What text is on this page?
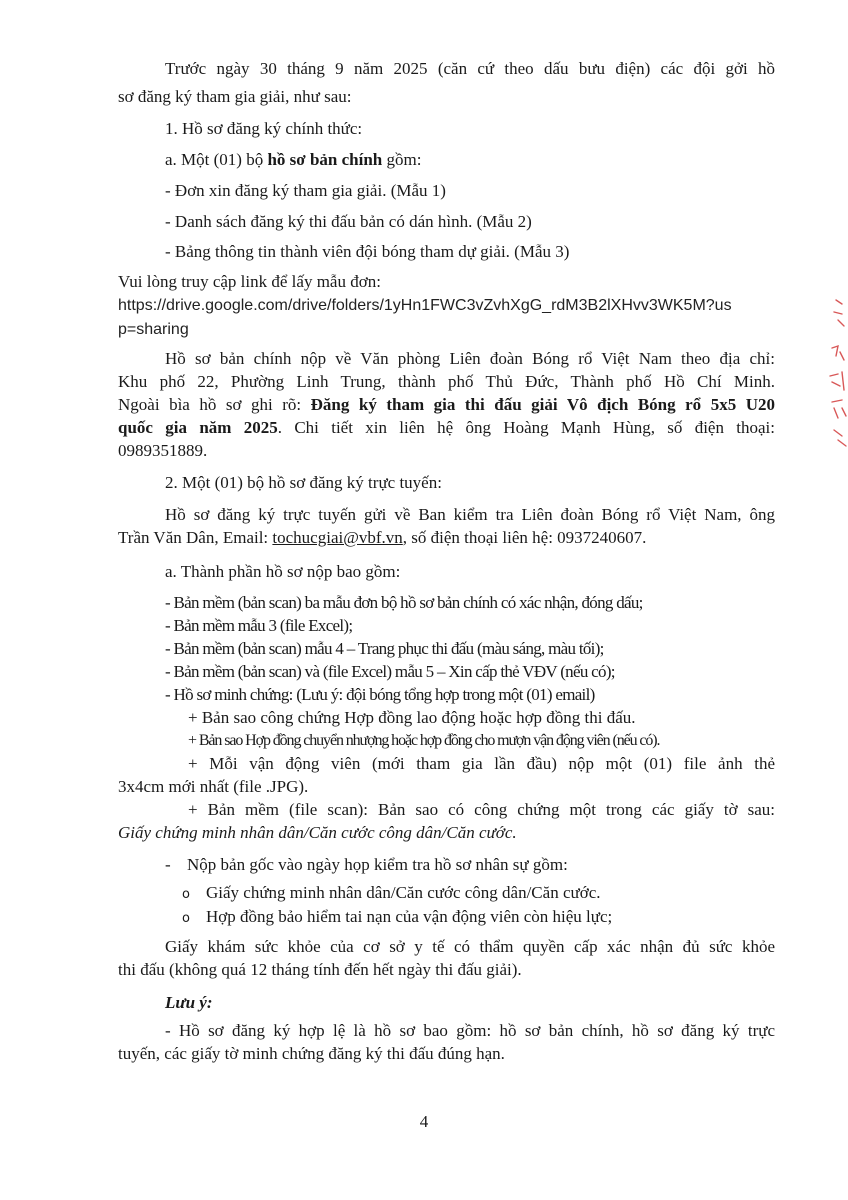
Trước ngày 30 tháng 9 năm 2025 (căn cứ theo dấu bưu điện) các đội gởi hồ
sơ đăng ký tham gia giải, như sau:
1. Hồ sơ đăng ký chính thức:
a. Một (01) bộ hồ sơ bản chính gồm:
- Đơn xin đăng ký tham gia giải. (Mẫu 1)
- Danh sách đăng ký thi đấu bản có dán hình. (Mẫu 2)
- Bảng thông tin thành viên đội bóng tham dự giải. (Mẫu 3)
Vui lòng truy cập link để lấy mẫu đơn:
https://drive.google.com/drive/folders/1yHn1FWC3vZvhXgG_rdM3B2lXHvv3WK5M?us
p=sharing
Hồ sơ bản chính nộp về Văn phòng Liên đoàn Bóng rổ Việt Nam theo địa chỉ:
Khu phố 22, Phường Linh Trung, thành phố Thủ Đức, Thành phố Hồ Chí Minh.
Ngoài bìa hồ sơ ghi rõ: Đăng ký tham gia thi đấu giải Vô địch Bóng rổ 5x5 U20
quốc gia năm 2025. Chi tiết xin liên hệ ông Hoàng Mạnh Hùng, số điện thoại:
0989351889.
2. Một (01) bộ hồ sơ đăng ký trực tuyến:
Hồ sơ đăng ký trực tuyến gửi về Ban kiểm tra Liên đoàn Bóng rổ Việt Nam, ông
Trần Văn Dân, Email: tochucgiai@vbf.vn, số điện thoại liên hệ: 0937240607.
a. Thành phần hồ sơ nộp bao gồm:
- Bản mềm (bản scan) ba mẫu đơn bộ hồ sơ bản chính có xác nhận, đóng dấu;
- Bản mềm mẫu 3 (file Excel);
- Bản mềm (bản scan) mẫu 4 – Trang phục thi đấu (màu sáng, màu tối);
- Bản mềm (bản scan) và (file Excel) mẫu 5 – Xin cấp thẻ VĐV (nếu có);
- Hồ sơ minh chứng: (Lưu ý: đội bóng tổng hợp trong một (01) email)
+ Bản sao công chứng Hợp đồng lao động hoặc hợp đồng thi đấu.
+ Bản sao Hợp đồng chuyển nhượng hoặc hợp đồng cho mượn vận động viên (nếu có).
+ Mỗi vận động viên (mới tham gia lần đầu) nộp một (01) file ảnh thẻ
3x4cm mới nhất (file .JPG).
+ Bản mềm (file scan): Bản sao có công chứng một trong các giấy tờ sau:
Giấy chứng minh nhân dân/Căn cước công dân/Căn cước.
- Nộp bản gốc vào ngày họp kiểm tra hồ sơ nhân sự gồm:
o Giấy chứng minh nhân dân/Căn cước công dân/Căn cước.
o Hợp đồng bảo hiểm tai nạn của vận động viên còn hiệu lực;
Giấy khám sức khỏe của cơ sở y tế có thẩm quyền cấp xác nhận đủ sức khỏe
thi đấu (không quá 12 tháng tính đến hết ngày thi đấu giải).
Lưu ý:
- Hồ sơ đăng ký hợp lệ là hồ sơ bao gồm: hồ sơ bản chính, hồ sơ đăng ký trực
tuyến, các giấy tờ minh chứng đăng ký thi đấu đúng hạn.
4
